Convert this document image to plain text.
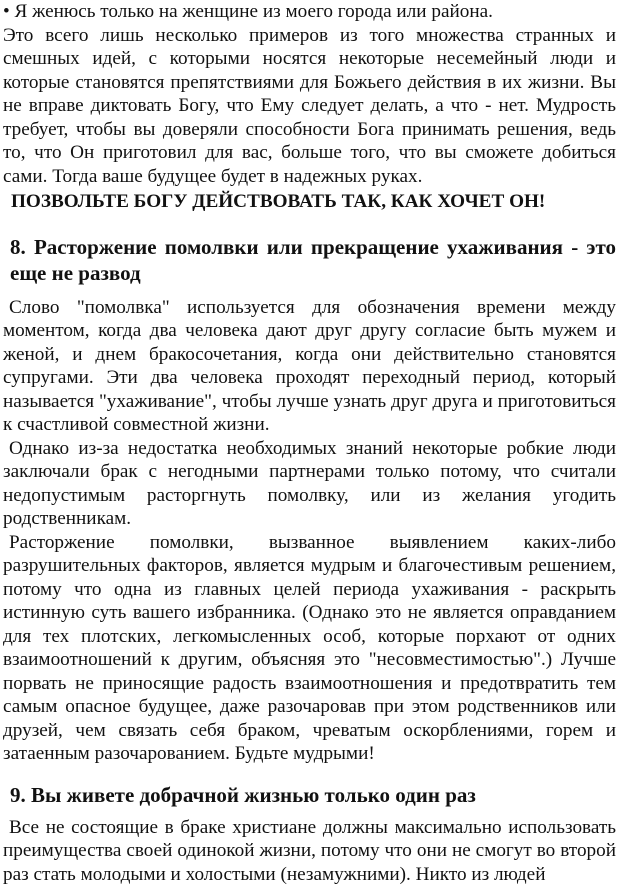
• Я женюсь только на женщине из моего города или района.

Это всего лишь несколько примеров из того множества странных и смешных идей, с которыми носятся некоторые несемейный люди и которые становятся препятствиями для Божьего действия в их жизни. Вы не вправе диктовать Богу, что Ему следует делать, а что - нет. Мудрость требует, чтобы вы доверяли способности Бога принимать решения, ведь то, что Он приготовил для вас, больше того, что вы сможете добиться сами. Тогда ваше будущее будет в надежных руках.

ПОЗВОЛЬТЕ БОГУ ДЕЙСТВОВАТЬ ТАК, КАК ХОЧЕТ ОН!

8. Расторжение помолвки или прекращение ухаживания - это еще не развод

Слово "помолвка" используется для обозначения времени между моментом, когда два человека дают друг другу согласие быть мужем и женой, и днем бракосочетания, когда они действительно становятся супругами. Эти два человека проходят переходный период, который называется "ухаживание", чтобы лучше узнать друг друга и приготовиться к счастливой совместной жизни.

Однако из-за недостатка необходимых знаний некоторые робкие люди заключали брак с негодными партнерами только потому, что считали недопустимым расторгнуть помолвку, или из желания угодить родственникам.

Расторжение помолвки, вызванное выявлением каких-либо разрушительных факторов, является мудрым и благочестивым решением, потому что одна из главных целей периода ухаживания - раскрыть истинную суть вашего избранника. (Однако это не является оправданием для тех плотских, легкомысленных особ, которые порхают от одних взаимоотношений к другим, объясняя это "несовместимостью".) Лучше порвать не приносящие радость взаимоотношения и предотвратить тем самым опасное будущее, даже разочаровав при этом родственников или друзей, чем связать себя браком, чреватым оскорблениями, горем и затаенным разочарованием. Будьте мудрыми!

9. Вы живете добрачной жизнью только один раз

Все не состоящие в браке христиане должны максимально использовать преимущества своей одинокой жизни, потому что они не смогут во второй раз стать молодыми и холостыми (незамужними). Никто из людей
